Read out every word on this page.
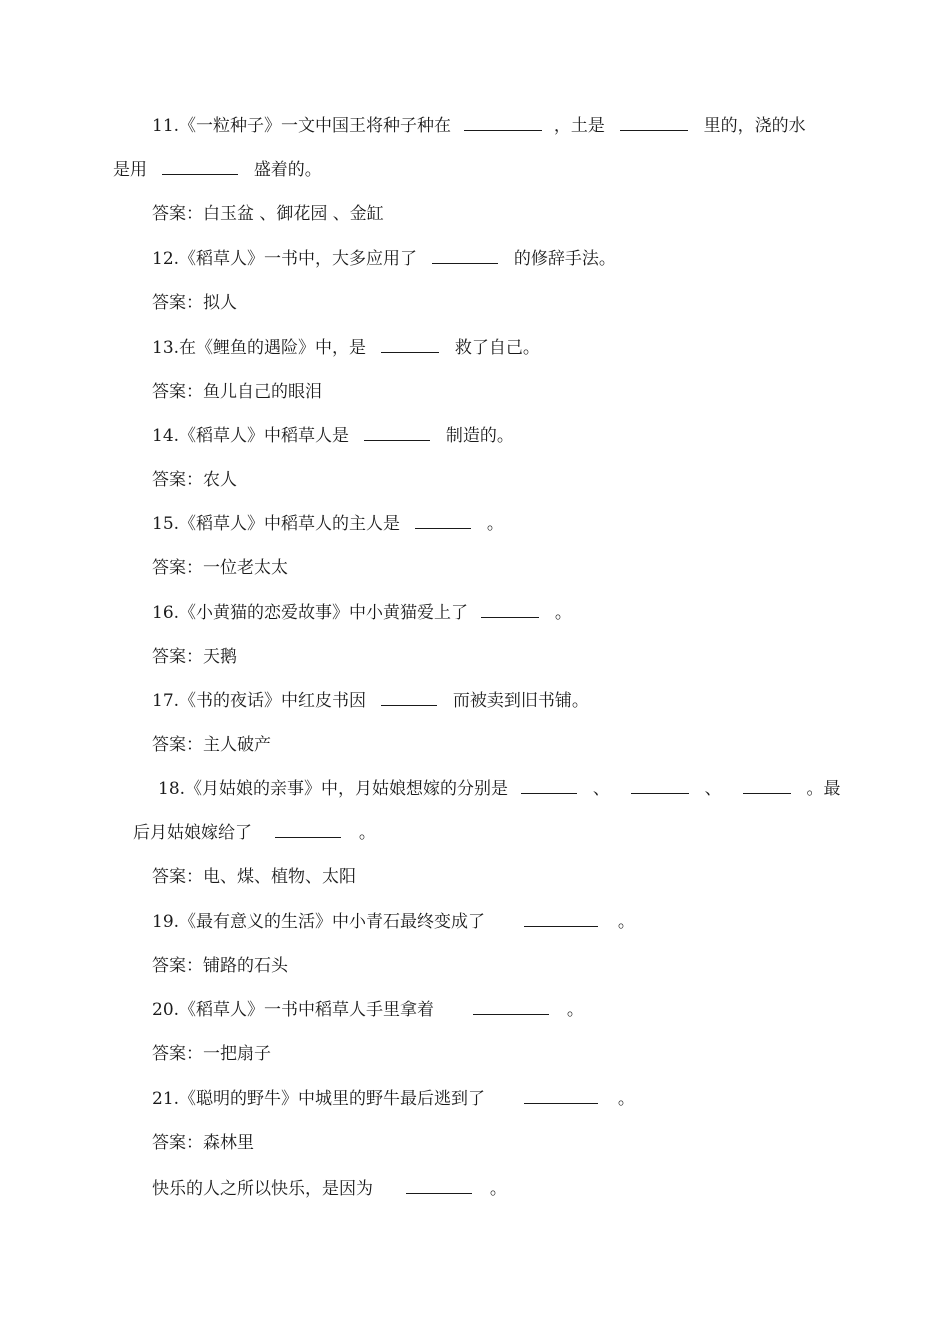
11.《一粒种子》一文中国王将种子种在	，土是	里的，浇的水
是用	盛着的。
答案：白玉盆 、御花园 、金缸
12.《稻草人》一书中，大多应用了	的修辞手法。
答案：拟人
13.在《鲤鱼的遇险》中，是	救了自己。
答案：鱼儿自己的眼泪
14.《稻草人》中稻草人是	制造的。
答案：农人
15.《稻草人》中稻草人的主人是	。
答案：一位老太太
16.《小黄猫的恋爱故事》中小黄猫爱上了	。
答案：天鹅
17.《书的夜话》中红皮书因	而被卖到旧书铺。
答案：主人破产
18.《月姑娘的亲事》中，月姑娘想嫁的分别是	、	、	。最
后月姑娘嫁给了	。
答案：电、煤、植物、太阳
19.《最有意义的生活》中小青石最终变成了	。
答案：铺路的石头
20.《稻草人》一书中稻草人手里拿着	。
答案：一把扇子
21.《聪明的野牛》中城里的野牛最后逃到了	。
答案：森林里
快乐的人之所以快乐，是因为	。
